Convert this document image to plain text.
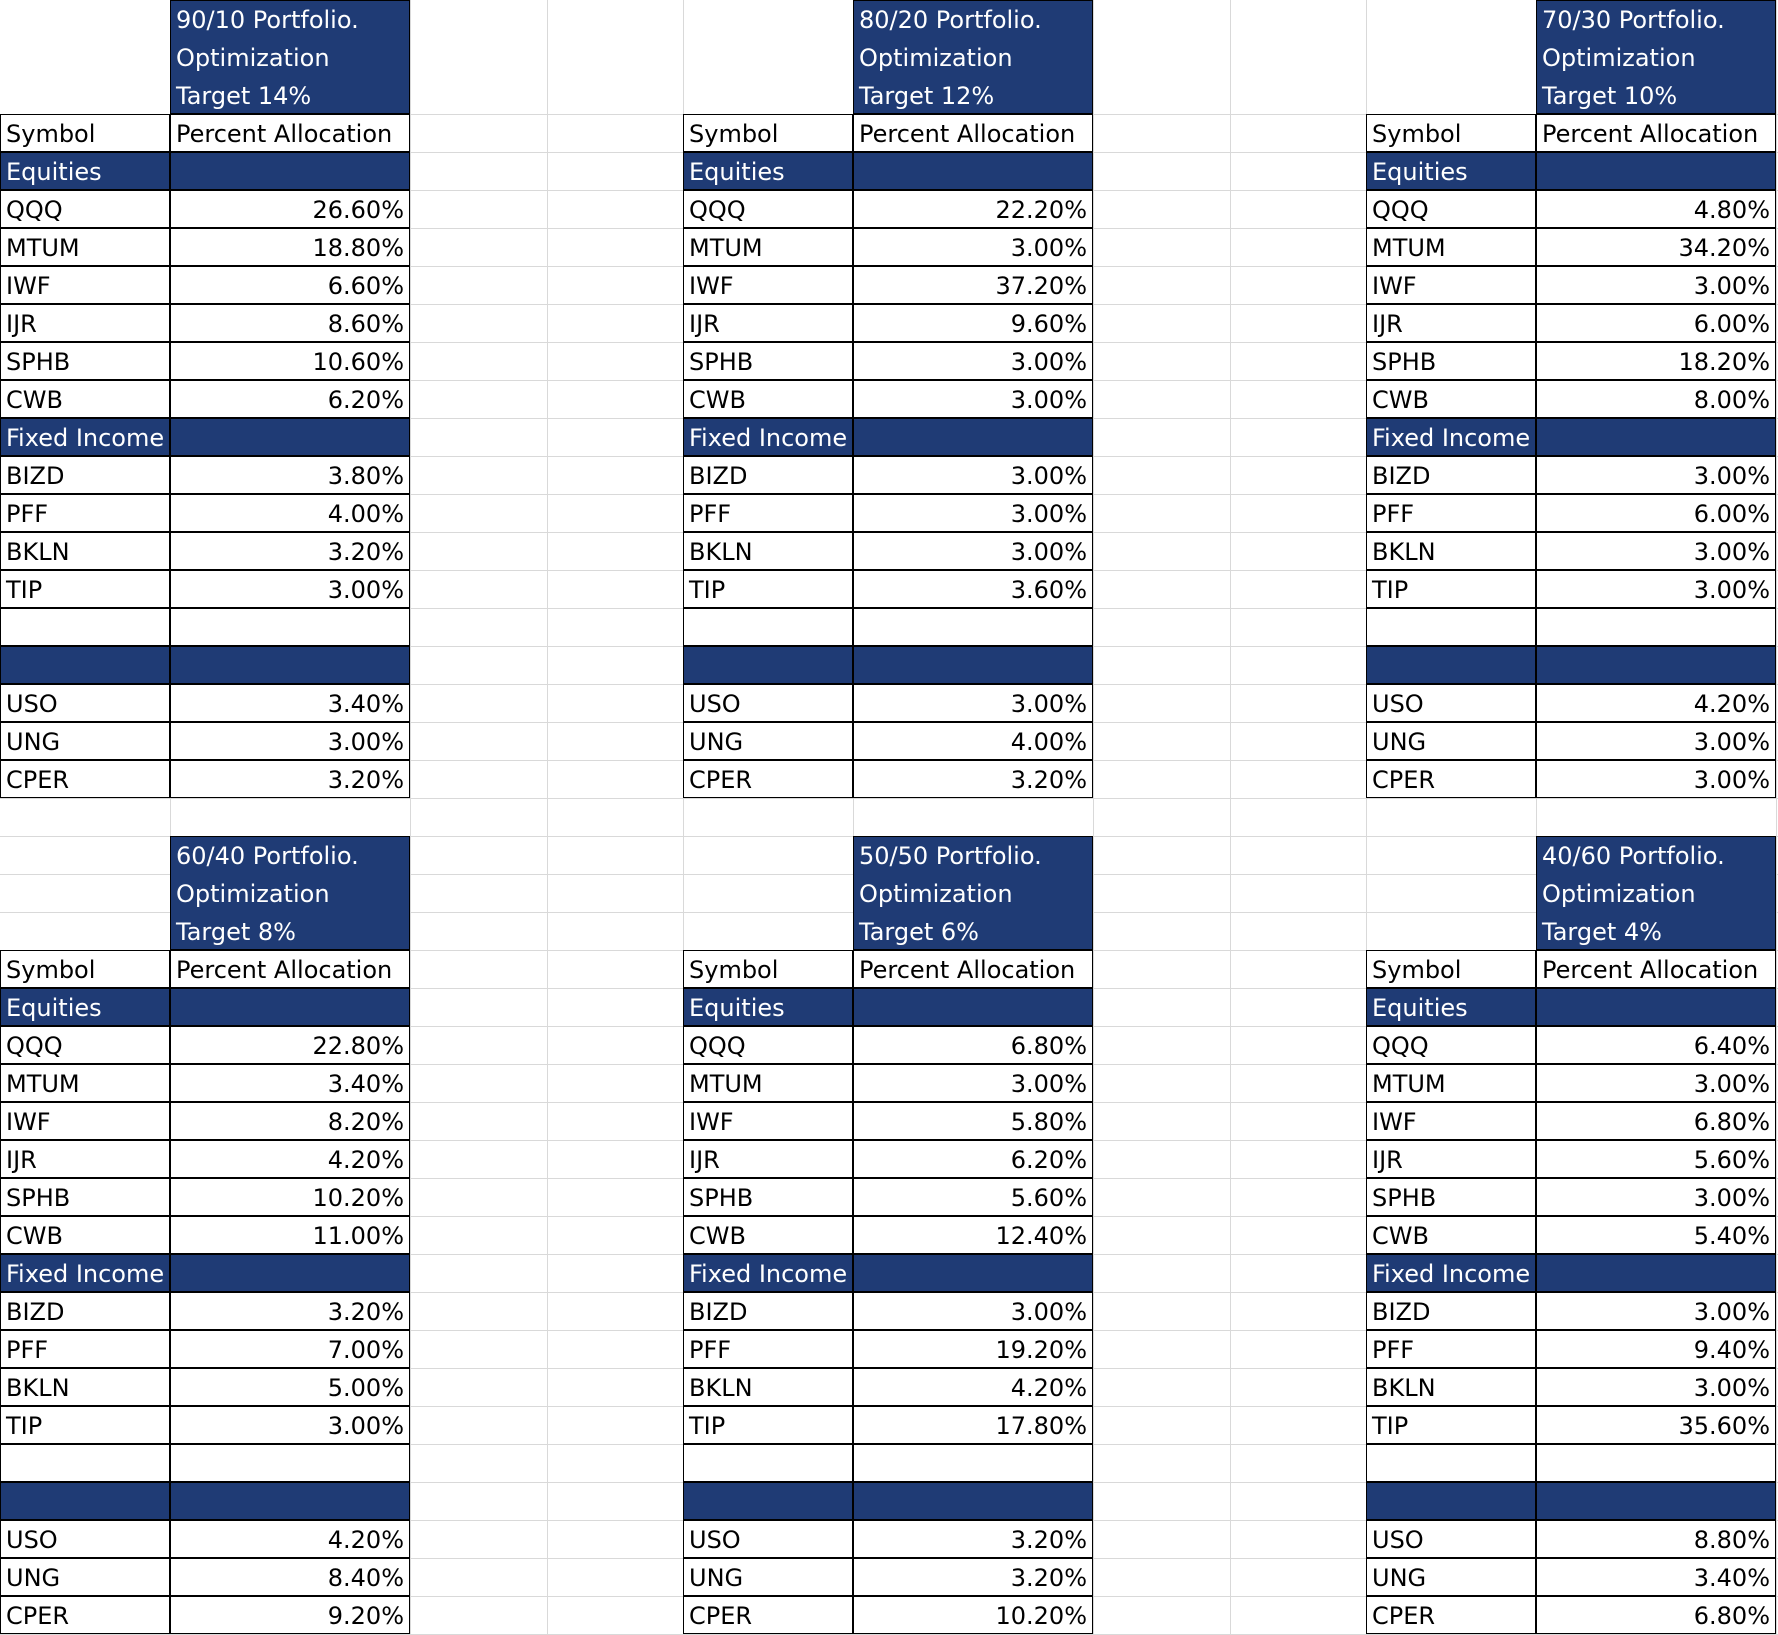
90/10 Portfolio.
Optimization
Target 14%
Symbol	Percent Allocation
Equities
QQQ	26.60%
MTUM	18.80%
IWF	6.60%
IJR	8.60%
SPHB	10.60%
CWB	6.20%
Fixed Income
BIZD	3.80%
PFF	4.00%
BKLN	3.20%
TIP	3.00%
USO	3.40%
UNG	3.00%
CPER	3.20%
80/20 Portfolio.
Optimization
Target 12%
Symbol	Percent Allocation
Equities
QQQ	22.20%
MTUM	3.00%
IWF	37.20%
IJR	9.60%
SPHB	3.00%
CWB	3.00%
Fixed Income
BIZD	3.00%
PFF	3.00%
BKLN	3.00%
TIP	3.60%
USO	3.00%
UNG	4.00%
CPER	3.20%
70/30 Portfolio.
Optimization
Target 10%
Symbol	Percent Allocation
Equities
QQQ	4.80%
MTUM	34.20%
IWF	3.00%
IJR	6.00%
SPHB	18.20%
CWB	8.00%
Fixed Income
BIZD	3.00%
PFF	6.00%
BKLN	3.00%
TIP	3.00%
USO	4.20%
UNG	3.00%
CPER	3.00%
60/40 Portfolio.
Optimization
Target 8%
Symbol	Percent Allocation
Equities
QQQ	22.80%
MTUM	3.40%
IWF	8.20%
IJR	4.20%
SPHB	10.20%
CWB	11.00%
Fixed Income
BIZD	3.20%
PFF	7.00%
BKLN	5.00%
TIP	3.00%
USO	4.20%
UNG	8.40%
CPER	9.20%
50/50 Portfolio.
Optimization
Target 6%
Symbol	Percent Allocation
Equities
QQQ	6.80%
MTUM	3.00%
IWF	5.80%
IJR	6.20%
SPHB	5.60%
CWB	12.40%
Fixed Income
BIZD	3.00%
PFF	19.20%
BKLN	4.20%
TIP	17.80%
USO	3.20%
UNG	3.20%
CPER	10.20%
40/60 Portfolio.
Optimization
Target 4%
Symbol	Percent Allocation
Equities
QQQ	6.40%
MTUM	3.00%
IWF	6.80%
IJR	5.60%
SPHB	3.00%
CWB	5.40%
Fixed Income
BIZD	3.00%
PFF	9.40%
BKLN	3.00%
TIP	35.60%
USO	8.80%
UNG	3.40%
CPER	6.80%
